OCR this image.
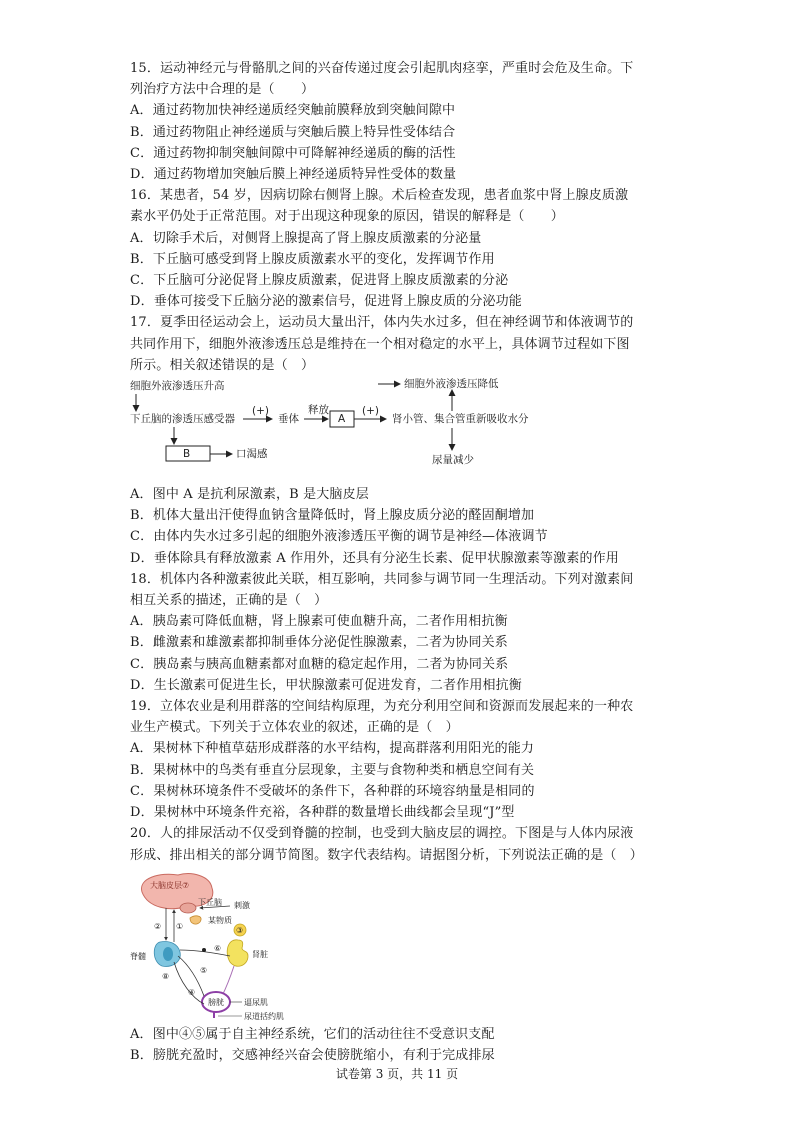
15．运动神经元与骨骼肌之间的兴奋传递过度会引起肌肉痉挛，严重时会危及生命。下
列治疗方法中合理的是（　　）
A．通过药物加快神经递质经突触前膜释放到突触间隙中
B．通过药物阻止神经递质与突触后膜上特异性受体结合
C．通过药物抑制突触间隙中可降解神经递质的酶的活性
D．通过药物增加突触后膜上神经递质特异性受体的数量
16．某患者，54 岁，因病切除右侧肾上腺。术后检查发现，患者血浆中肾上腺皮质激
素水平仍处于正常范围。对于出现这种现象的原因，错误的解释是（　　）
A．切除手术后，对侧肾上腺提高了肾上腺皮质激素的分泌量
B．下丘脑可感受到肾上腺皮质激素水平的变化，发挥调节作用
C．下丘脑可分泌促肾上腺皮质激素，促进肾上腺皮质激素的分泌
D．垂体可接受下丘脑分泌的激素信号，促进肾上腺皮质的分泌功能
17．夏季田径运动会上，运动员大量出汗，体内失水过多，但在神经调节和体液调节的
共同作用下，细胞外液渗透压总是维持在一个相对稳定的水平上，具体调节过程如下图
所示。相关叙述错误的是（　）
细胞外液渗透压升高
下丘脑的渗透压感受器
(+)
垂体
释放
A
(+)
肾小管、集合管重新吸收水分
细胞外液渗透压降低
B	口渴感	尿量减少
A．图中 A 是抗利尿激素，B 是大脑皮层
B．机体大量出汗使得血钠含量降低时，肾上腺皮质分泌的醛固酮增加
C．由体内失水过多引起的细胞外液渗透压平衡的调节是神经—体液调节
D．垂体除具有释放激素 A 作用外，还具有分泌生长素、促甲状腺激素等激素的作用
18．机体内各种激素彼此关联，相互影响，共同参与调节同一生理活动。下列对激素间
相互关系的描述，正确的是（　）
A．胰岛素可降低血糖，肾上腺素可使血糖升高，二者作用相抗衡
B．雌激素和雄激素都抑制垂体分泌促性腺激素，二者为协同关系
C．胰岛素与胰高血糖素都对血糖的稳定起作用，二者为协同关系
D．生长激素可促进生长，甲状腺激素可促进发育，二者作用相抗衡
19．立体农业是利用群落的空间结构原理，为充分利用空间和资源而发展起来的一种农
业生产模式。下列关于立体农业的叙述，正确的是（　）
A．果树林下种植草菇形成群落的水平结构，提高群落利用阳光的能力
B．果树林中的鸟类有垂直分层现象，主要与食物种类和栖息空间有关
C．果树林环境条件不受破坏的条件下，各种群的环境容纳量是相同的
D．果树林中环境条件充裕，各种群的数量增长曲线都会呈现“J”型
20．人的排尿活动不仅受到脊髓的控制，也受到大脑皮层的调控。下图是与人体内尿液
形成、排出相关的部分调节简图。数字代表结构。请据图分析，下列说法正确的是（　）
大脑皮层⑦
下丘脑 刺激
某物质
② ①
脊髓
⑧
④
⑤
⑥
③
肾脏
膀胱	逼尿肌
尿道括约肌
A．图中④⑤属于自主神经系统，它们的活动往往不受意识支配
B．膀胱充盈时，交感神经兴奋会使膀胱缩小，有利于完成排尿
试卷第 3 页，共 11 页
